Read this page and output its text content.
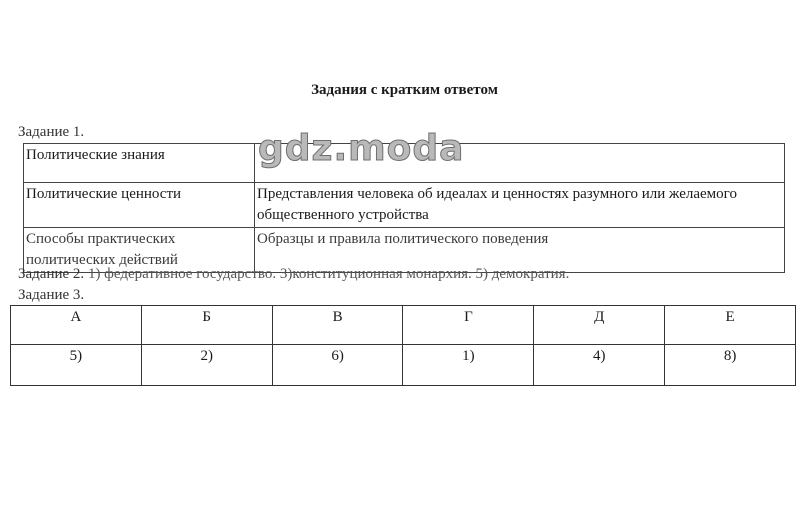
Задания с кратким ответом
Задание 1.
Политические знания	
Политические ценности	Представления человека об идеалах и ценностях разумного или желаемого общественного устройства
Способы практических политических действий	Образцы и правила политического поведения
gdz.moda
Задание 2. 1) федеративное государство. 3)конституционная монархия. 5) демократия.
Задание 3.
А	Б	В	Г	Д	Е
5)	2)	6)	1)	4)	8)
